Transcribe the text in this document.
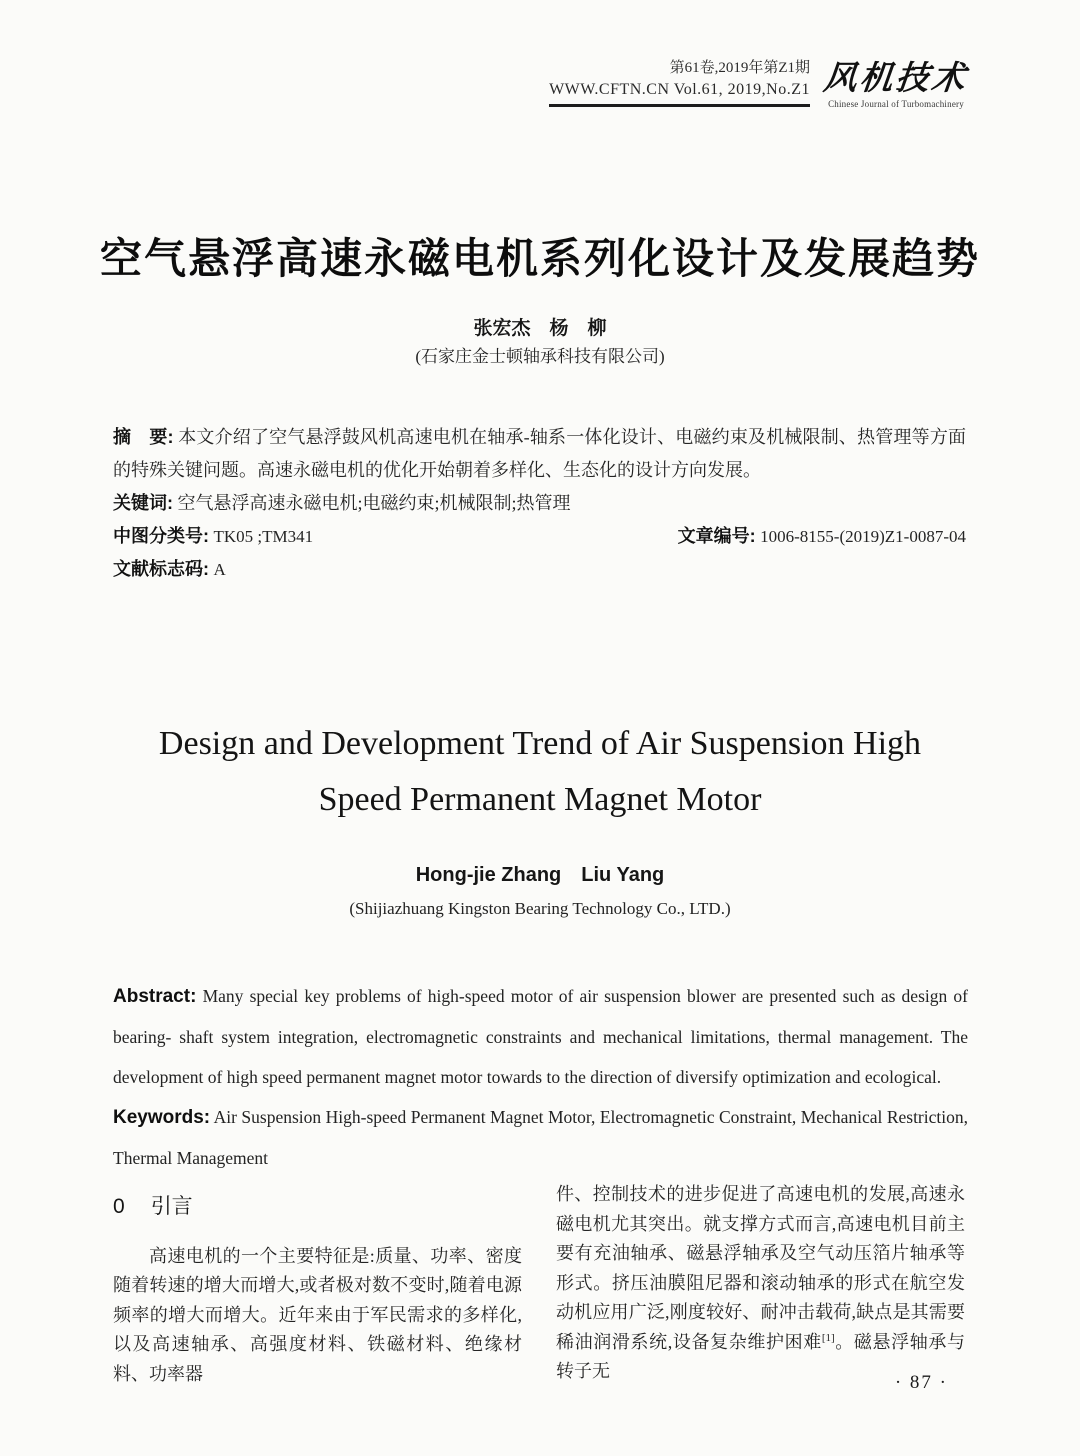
第61卷,2019年第Z1期
WWW.CFTN.CN Vol.61, 2019,No.Z1 风机技术
Chinese Journal of Turbomachinery
空气悬浮高速永磁电机系列化设计及发展趋势
张宏杰 杨 柳
(石家庄金士顿轴承科技有限公司)
摘　要: 本文介绍了空气悬浮鼓风机高速电机在轴承-轴系一体化设计、电磁约束及机械限制、热管理等方面的特殊关键问题。高速永磁电机的优化开始朝着多样化、生态化的设计方向发展。
关键词: 空气悬浮高速永磁电机;电磁约束;机械限制;热管理
中图分类号: TK05 ;TM341	文章编号: 1006-8155-(2019)Z1-0087-04
文献标志码: A
Design and Development Trend of Air Suspension High
Speed Permanent Magnet Motor
Hong-jie Zhang Liu Yang
(Shijiazhuang Kingston Bearing Technology Co., LTD.)
Abstract: Many special key problems of high-speed motor of air suspension blower are presented such as design of bearing- shaft system integration, electromagnetic constraints and mechanical limitations, thermal management. The development of high speed permanent magnet motor towards to the direction of diversify optimization and ecological.
Keywords: Air Suspension High-speed Permanent Magnet Motor, Electromagnetic Constraint, Mechanical Restriction, Thermal Management
0 引言

高速电机的一个主要特征是:质量、功率、密度随着转速的增大而增大,或者极对数不变时,随着电源频率的增大而增大。近年来由于军民需求的多样化,以及高速轴承、高强度材料、铁磁材料、绝缘材料、功率器

件、控制技术的进步促进了高速电机的发展,高速永磁电机尤其突出。就支撑方式而言,高速电机目前主要有充油轴承、磁悬浮轴承及空气动压箔片轴承等形式。挤压油膜阻尼器和滚动轴承的形式在航空发动机应用广泛,刚度较好、耐冲击载荷,缺点是其需要稀油润滑系统,设备复杂维护困难[1]。磁悬浮轴承与转子无

· 87 ·
